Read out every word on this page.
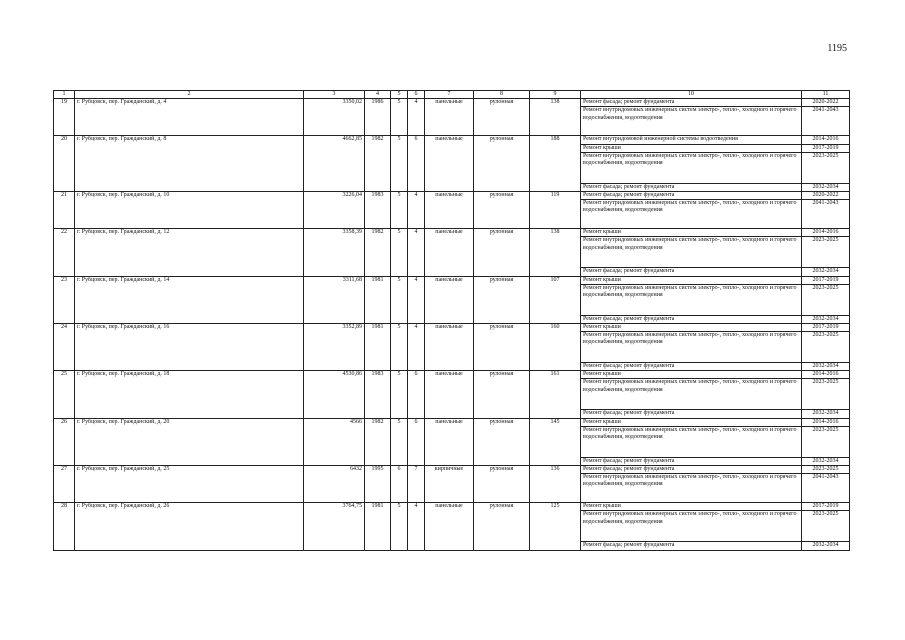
1195
1	2	3	4	5	6	7	8	9	10	11
19	г. Рубцовск, пер. Гражданский, д. 4	3350,02	1986	5	4	панельные	рулонная	138	Ремонт фасада; ремонт фундамента	2020-2022
									Ремонт внутридомовых инженерных систем электро-, тепло-, холодного и горячего водоснабжения, водоотведения	2041-2043
20	г. Рубцовск, пер. Гражданский, д. 8	4662,85	1982	5	6	панельные	рулонная	188	Ремонт внутридомовой инженерной системы водоотведения	2014-2016
									Ремонт крыши	2017-2019
									Ремонт внутридомовых инженерных систем электро-, тепло-, холодного и горячего водоснабжения, водоотведения	2023-2025
									Ремонт фасада; ремонт фундамента	2032-2034
21	г. Рубцовск, пер. Гражданский, д. 10	3226,04	1983	5	4	панельные	рулонная	119	Ремонт фасада; ремонт фундамента	2020-2022
									Ремонт внутридомовых инженерных систем электро-, тепло-, холодного и горячего водоснабжения, водоотведения	2041-2043
22	г. Рубцовск, пер. Гражданский, д. 12	3358,39	1982	5	4	панельные	рулонная	138	Ремонт крыши	2014-2016
									Ремонт внутридомовых инженерных систем электро-, тепло-, холодного и горячего водоснабжения, водоотведения	2023-2025
									Ремонт фасада; ремонт фундамента	2032-2034
23	г. Рубцовск, пер. Гражданский, д. 14	3311,68	1981	5	4	панельные	рулонная	107	Ремонт крыши	2017-2019
									Ремонт внутридомовых инженерных систем электро-, тепло-, холодного и горячего водоснабжения, водоотведения	2023-2025
									Ремонт фасада; ремонт фундамента	2032-2034
24	г. Рубцовск, пер. Гражданский, д. 16	3352,89	1981	5	4	панельные	рулонная	160	Ремонт крыши	2017-2019
									Ремонт внутридомовых инженерных систем электро-, тепло-, холодного и горячего водоснабжения, водоотведения	2023-2025
									Ремонт фасада; ремонт фундамента	2032-2034
25	г. Рубцовск, пер. Гражданский, д. 18	4530,86	1983	5	6	панельные	рулонная	161	Ремонт крыши	2014-2016
									Ремонт внутридомовых инженерных систем электро-, тепло-, холодного и горячего водоснабжения, водоотведения	2023-2025
									Ремонт фасада; ремонт фундамента	2032-2034
26	г. Рубцовск, пер. Гражданский, д. 20	4566	1982	5	6	панельные	рулонная	145	Ремонт крыши	2014-2016
									Ремонт внутридомовых инженерных систем электро-, тепло-, холодного и горячего водоснабжения, водоотведения	2023-2025
									Ремонт фасада; ремонт фундамента	2032-2034
27	г. Рубцовск, пер. Гражданский, д. 25	6432	1995	6	7	кирпичные	рулонная	136	Ремонт фасада; ремонт фундамента	2023-2025
									Ремонт внутридомовых инженерных систем электро-, тепло-, холодного и горячего водоснабжения, водоотведения	2041-2043
28	г. Рубцовск, пер. Гражданский, д. 26	3764,75	1981	5	4	панельные	рулонная	125	Ремонт крыши	2017-2019
									Ремонт внутридомовых инженерных систем электро-, тепло-, холодного и горячего водоснабжения, водоотведения	2023-2025
									Ремонт фасада; ремонт фундамента	2032-2034
